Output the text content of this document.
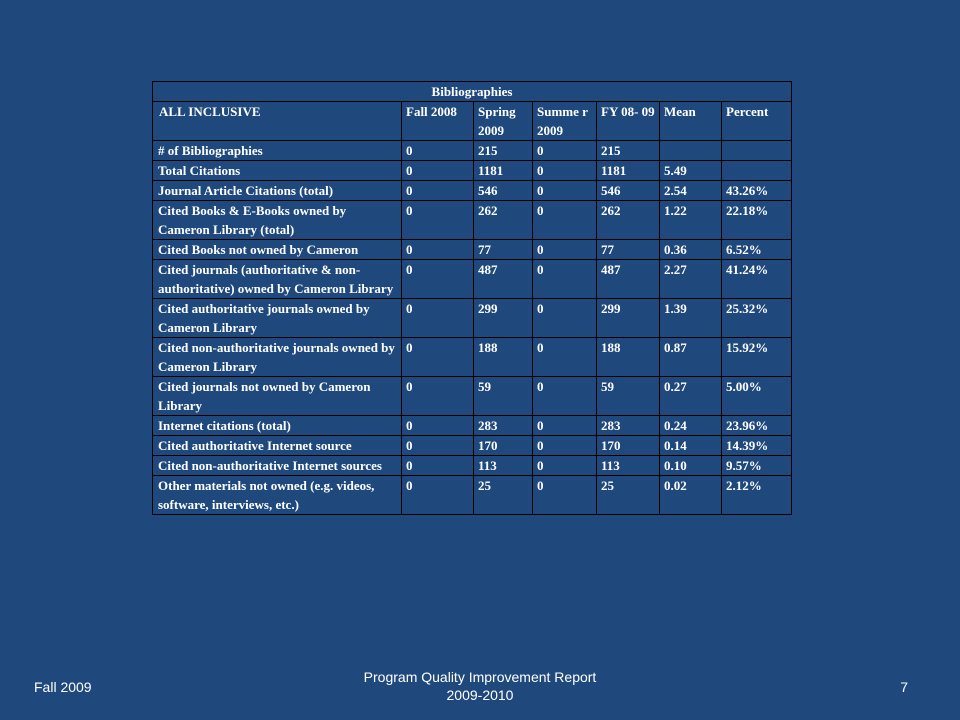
Bibliographies						
ALL INCLUSIVE	Fall 2008	Spring 2009	Summe r 2009	FY 08- 09	Mean	Percent
# of Bibliographies	0	215	0	215		
Total Citations	0	1181	0	1181	5.49	
Journal Article Citations (total)	0	546	0	546	2.54	43.26%
Cited Books & E-Books owned by Cameron Library (total)	0	262	0	262	1.22	22.18%
Cited Books not owned by Cameron	0	77	0	77	0.36	6.52%
Cited journals (authoritative & non-authoritative) owned by Cameron Library	0	487	0	487	2.27	41.24%
Cited authoritative journals owned by Cameron Library	0	299	0	299	1.39	25.32%
Cited non-authoritative journals owned by Cameron Library	0	188	0	188	0.87	15.92%
Cited journals not owned by Cameron Library	0	59	0	59	0.27	5.00%
Internet citations (total)	0	283	0	283	0.24	23.96%
Cited authoritative Internet source	0	170	0	170	0.14	14.39%
Cited non-authoritative Internet sources	0	113	0	113	0.10	9.57%
Other materials not owned (e.g. videos, software, interviews, etc.)	0	25	0	25	0.02	2.12%
Fall 2009
Program Quality Improvement Report
2009-2010	7
